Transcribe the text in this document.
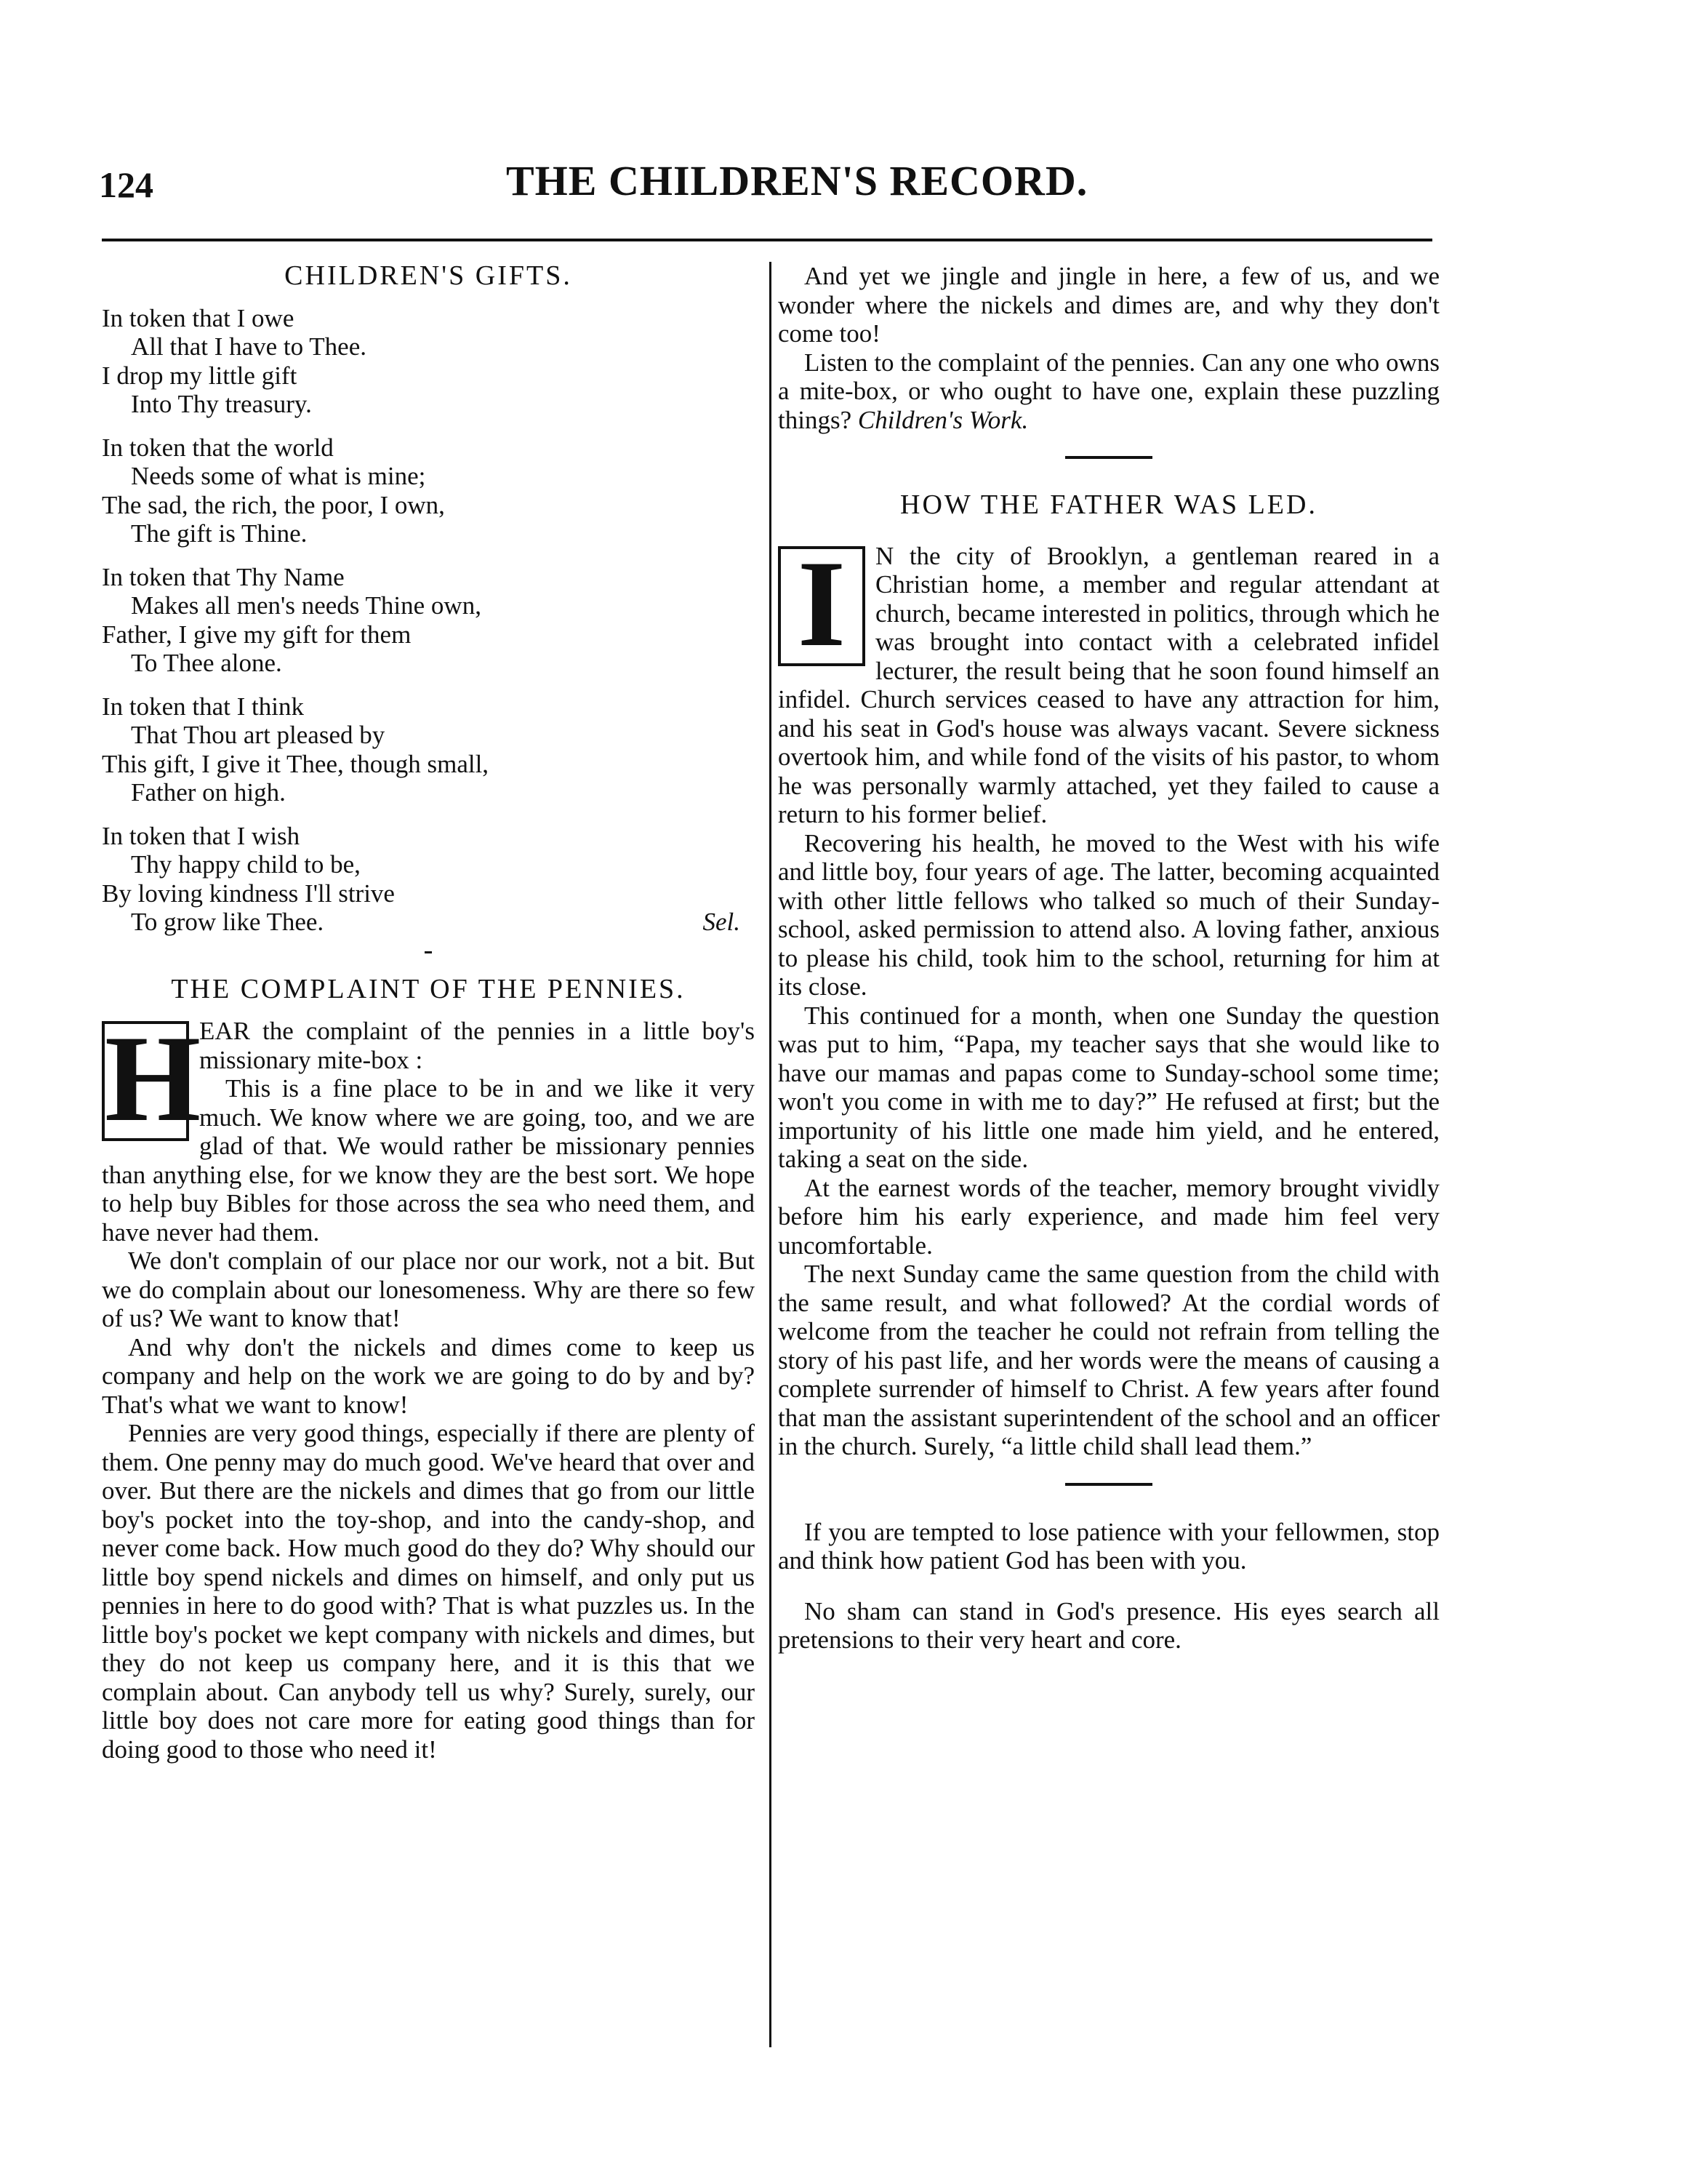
124	THE CHILDREN'S RECORD.
CHILDREN'S GIFTS.
In token that I owe
All that I have to Thee.
I drop my little gift
Into Thy treasury.
In token that the world
Needs some of what is mine;
The sad, the rich, the poor, I own,
The gift is Thine.
In token that Thy Name
Makes all men's needs Thine own,
Father, I give my gift for them
To Thee alone.
In token that I think
That Thou art pleased by
This gift, I give it Thee, though small,
Father on high.
In token that I wish
Thy happy child to be,
By loving kindness I'll strive
To grow like Thee.	Sel.
THE COMPLAINT OF THE PENNIES.

H
EAR the complaint of the pennies in a little boy's missionary mite-box :

This is a fine place to be in and we like it very much. We know where we are going, too, and we are glad of that. We would rather be missionary pennies than anything else, for we know they are the best sort. We hope to help buy Bibles for those across the sea who need them, and have never had them.

We don't complain of our place nor our work, not a bit. But we do complain about our lonesomeness. Why are there so few of us? We want to know that!

And why don't the nickels and dimes come to keep us company and help on the work we are going to do by and by? That's what we want to know!

Pennies are very good things, especially if there are plenty of them. One penny may do much good. We've heard that over and over. But there are the nickels and dimes that go from our little boy's pocket into the toy-shop, and into the candy-shop, and never come back. How much good do they do? Why should our little boy spend nickels and dimes on himself, and only put us pennies in here to do good with? That is what puzzles us. In the little boy's pocket we kept company with nickels and dimes, but they do not keep us company here, and it is this that we complain about. Can anybody tell us why? Surely, surely, our little boy does not care more for eating good things than for doing good to those who need it!

And yet we jingle and jingle in here, a few of us, and we wonder where the nickels and dimes are, and why they don't come too!

Listen to the complaint of the pennies. Can any one who owns a mite-box, or who ought to have one, explain these puzzling things? Children's Work.

HOW THE FATHER WAS LED.

I	N the city of Brooklyn, a gentleman reared in a Christian home, a member and regular attendant at church, became interested in politics, through which he was brought into contact with a celebrated infidel lecturer, the result being that he soon found himself an infidel. Church services ceased to have any attraction for him, and his seat in God's house was always vacant. Severe sickness overtook him, and while fond of the visits of his pastor, to whom he was personally warmly attached, yet they failed to cause a return to his former belief.

Recovering his health, he moved to the West with his wife and little boy, four years of age. The latter, becoming acquainted with other little fellows who talked so much of their Sunday-school, asked permission to attend also. A loving father, anxious to please his child, took him to the school, returning for him at its close.

This continued for a month, when one Sunday the question was put to him, “Papa, my teacher says that she would like to have our mamas and papas come to Sunday-school some time; won't you come in with me to day?” He refused at first; but the importunity of his little one made him yield, and he entered, taking a seat on the side.

At the earnest words of the teacher, memory brought vividly before him his early experience, and made him feel very uncomfortable.

The next Sunday came the same question from the child with the same result, and what followed? At the cordial words of welcome from the teacher he could not refrain from telling the story of his past life, and her words were the means of causing a complete surrender of himself to Christ. A few years after found that man the assistant superintendent of the school and an officer in the church. Surely, “a little child shall lead them.”

If you are tempted to lose patience with your fellowmen, stop and think how patient God has been with you.

No sham can stand in God's presence. His eyes search all pretensions to their very heart and core.
